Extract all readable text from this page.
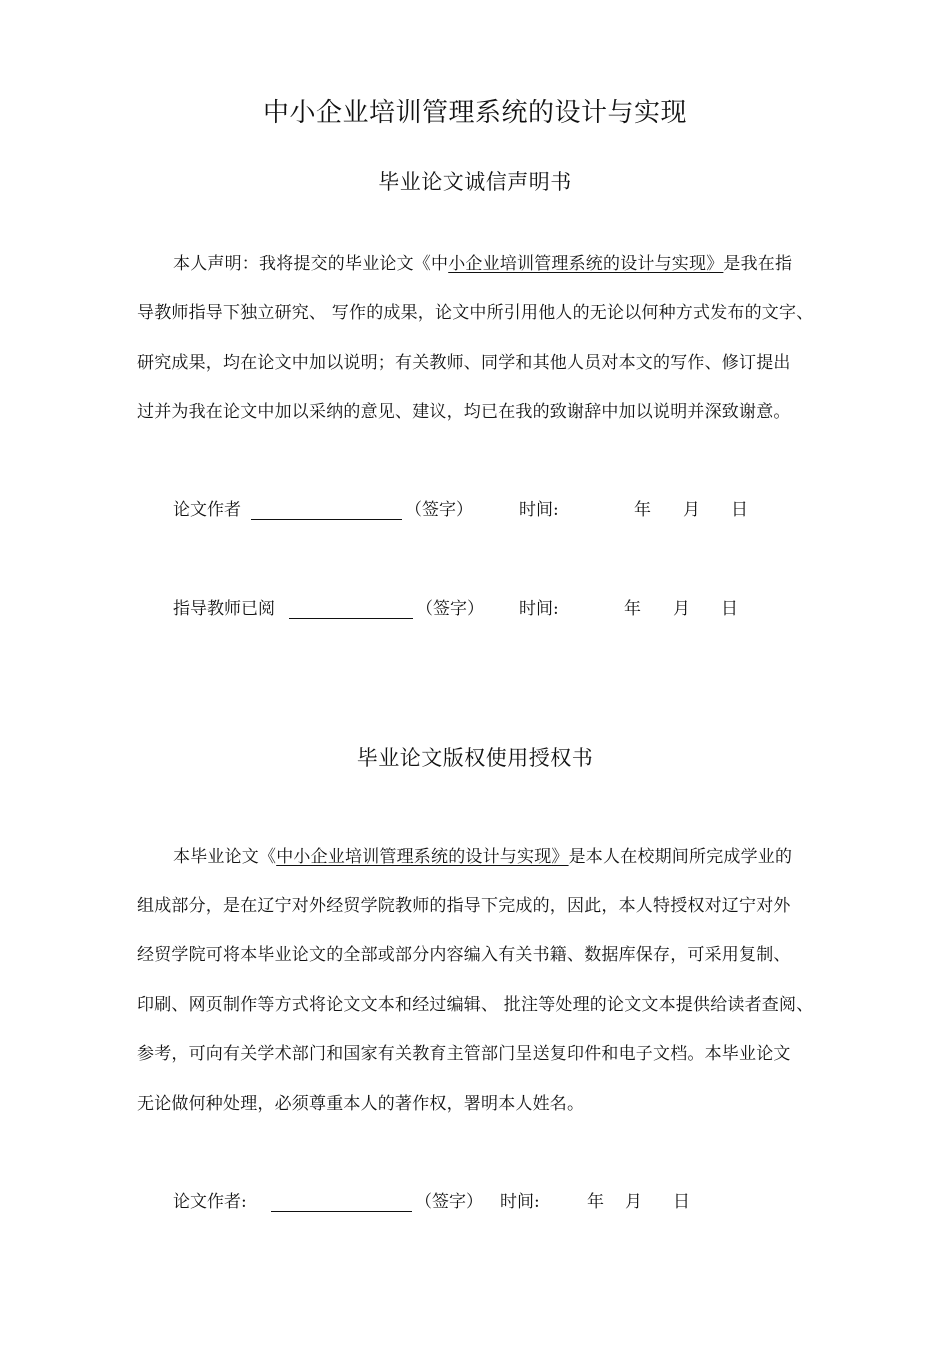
中小企业培训管理系统的设计与实现
毕业论文诚信声明书
本人声明：我将提交的毕业论文《中小企业培训管理系统的设计与实现》是我在指
导教师指导下独立研究、 写作的成果，论文中所引用他人的无论以何种方式发布的文字、
研究成果，均在论文中加以说明；有关教师、同学和其他人员对本文的写作、修订提出
过并为我在论文中加以采纳的意见、建议，均已在我的致谢辞中加以说明并深致谢意。
论文作者	（签字）	时间:	年 月 日
指导教师已阅	（签字） 时间:	年 月 日
毕业论文版权使用授权书
本毕业论文《中小企业培训管理系统的设计与实现》是本人在校期间所完成学业的
组成部分，是在辽宁对外经贸学院教师的指导下完成的，因此，本人特授权对辽宁对外
经贸学院可将本毕业论文的全部或部分内容编入有关书籍、数据库保存，可采用复制、
印刷、网页制作等方式将论文文本和经过编辑、 批注等处理的论文文本提供给读者查阅、
参考，可向有关学术部门和国家有关教育主管部门呈送复印件和电子文档。本毕业论文
无论做何种处理，必须尊重本人的著作权，署明本人姓名。
论文作者:	（签字） 时间:	年 月 日
